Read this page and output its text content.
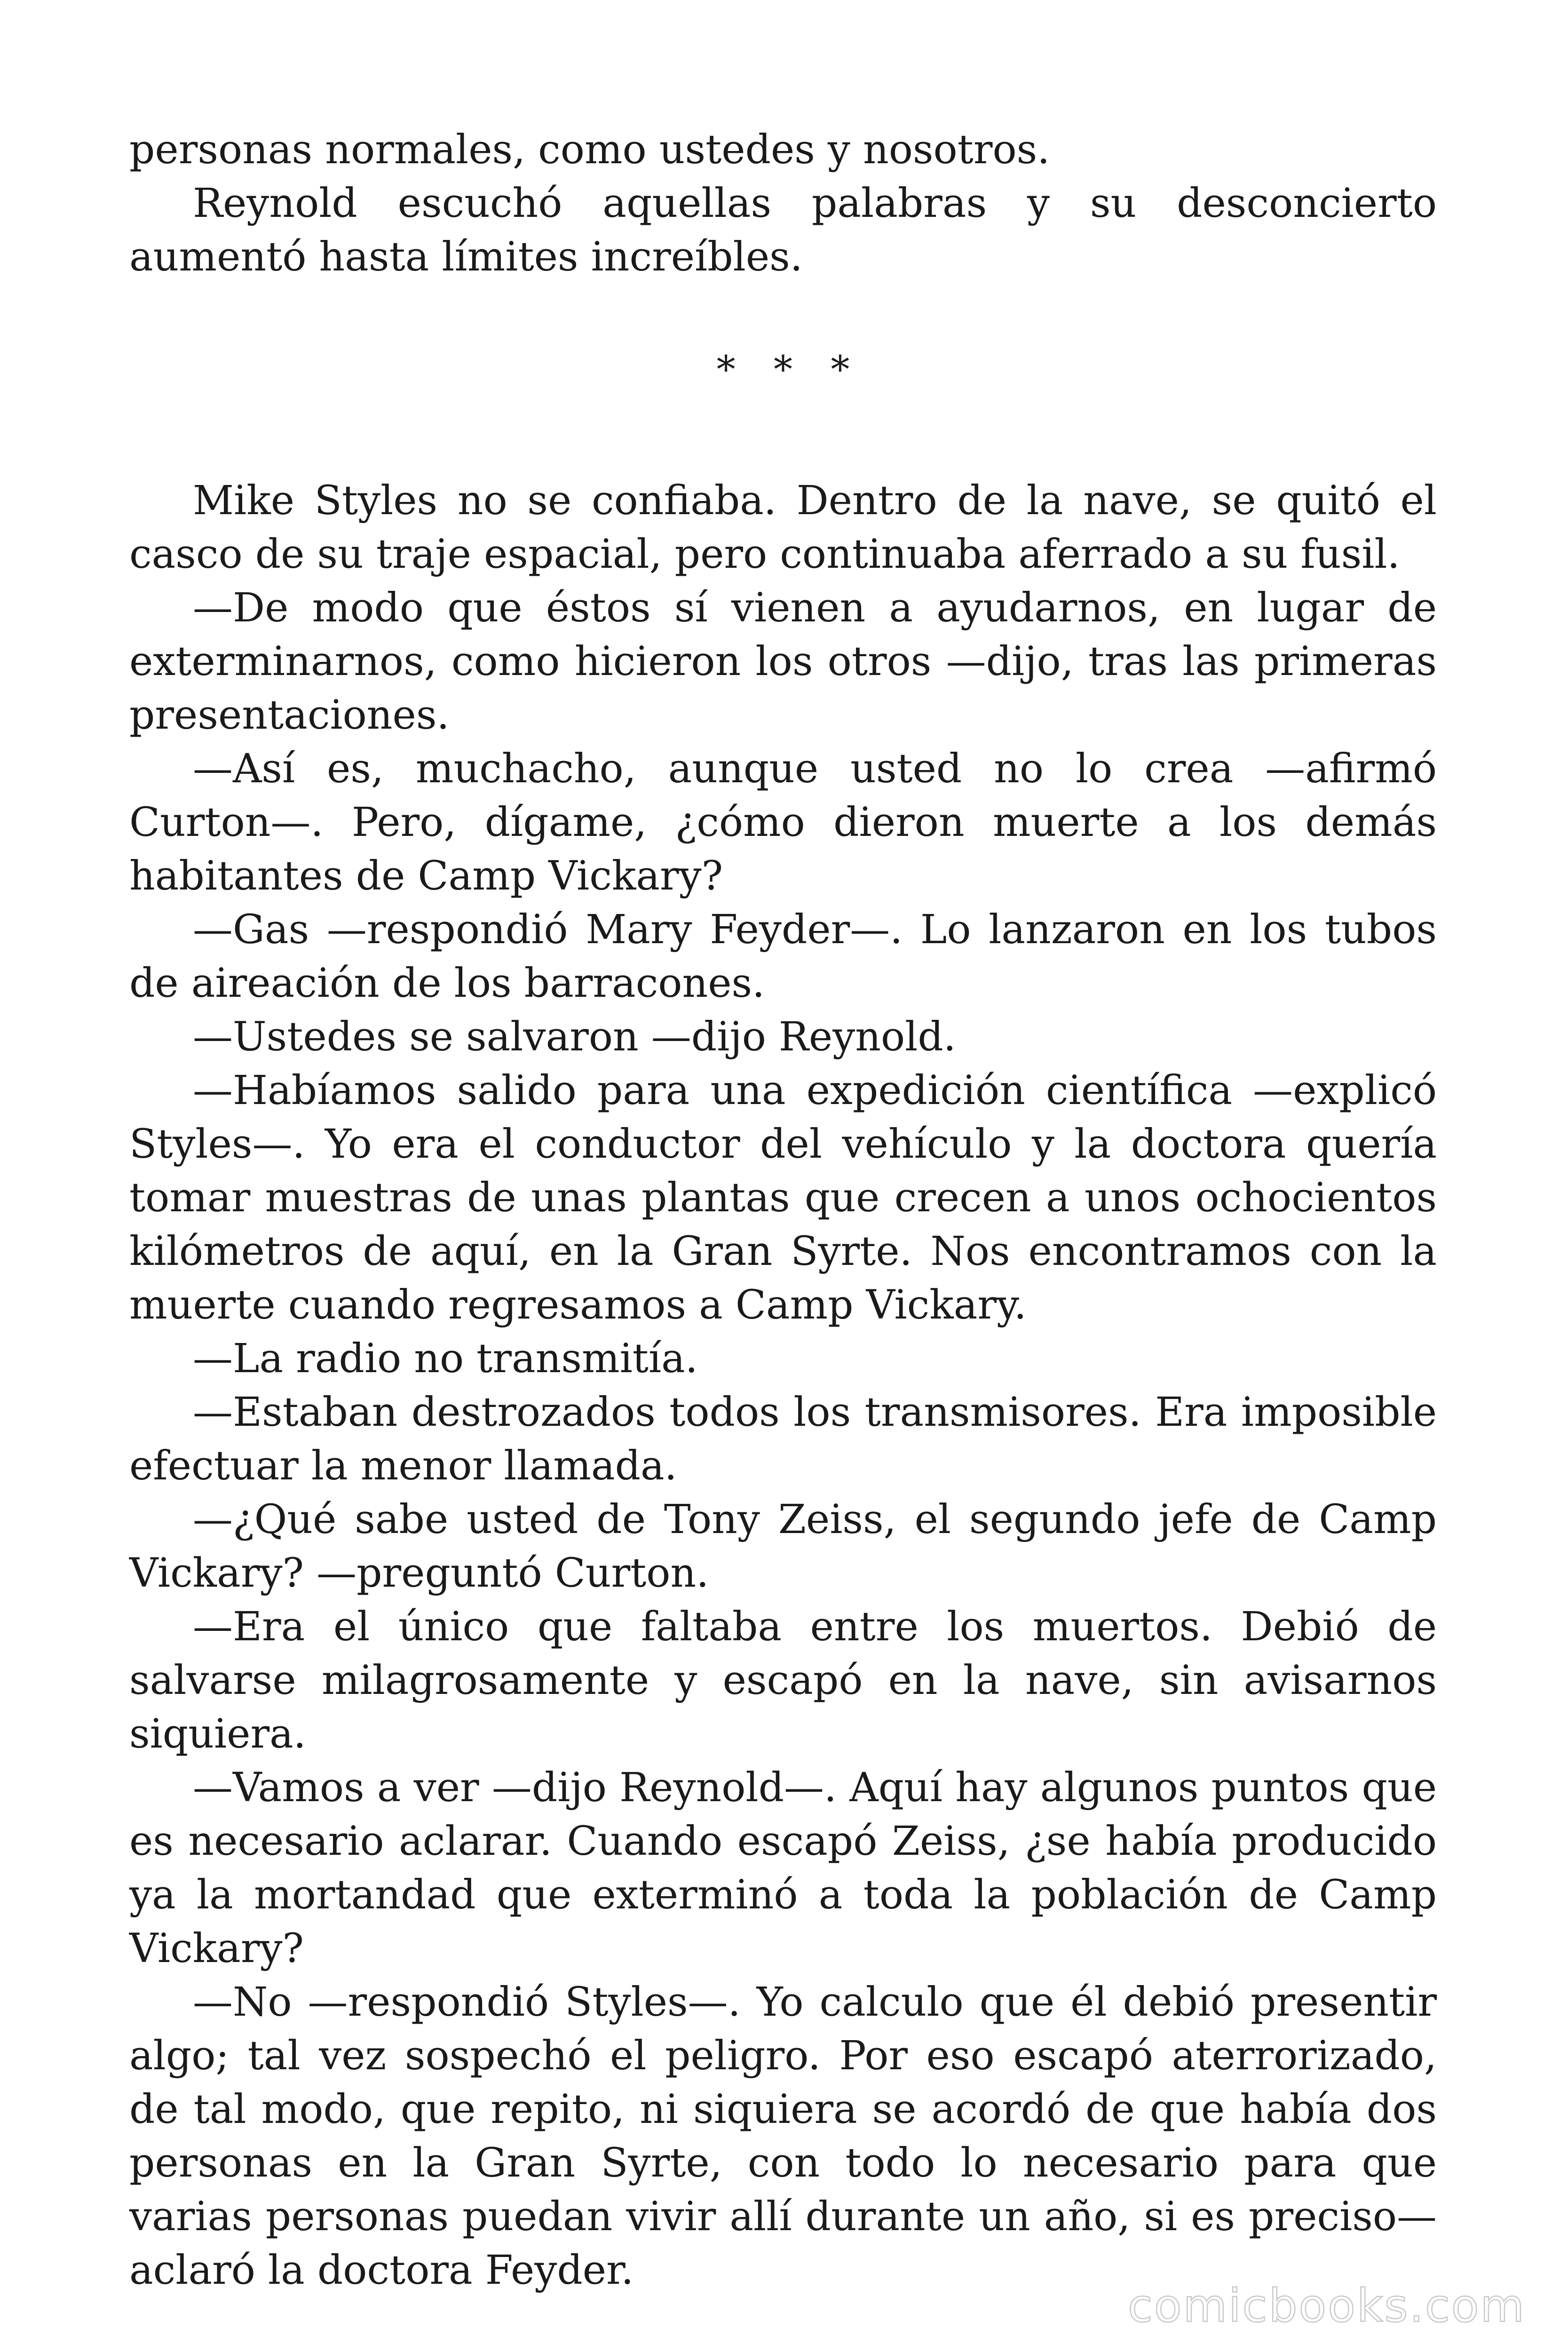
personas normales, como ustedes y nosotros.

Reynold escuchó aquellas palabras y su desconcierto aumentó hasta límites increíbles.

* * *

Mike Styles no se confiaba. Dentro de la nave, se quitó el casco de su traje espacial, pero continuaba aferrado a su fusil.

—De modo que éstos sí vienen a ayudarnos, en lugar de exterminarnos, como hicieron los otros —dijo, tras las primeras presentaciones.

—Así es, muchacho, aunque usted no lo crea —afirmó Curton—. Pero, dígame, ¿cómo dieron muerte a los demás habitantes de Camp Vickary?

—Gas —respondió Mary Feyder—. Lo lanzaron en los tubos de aireación de los barracones.

—Ustedes se salvaron —dijo Reynold.

—Habíamos salido para una expedición científica —explicó Styles—. Yo era el conductor del vehículo y la doctora quería tomar muestras de unas plantas que crecen a unos ochocientos kilómetros de aquí, en la Gran Syrte. Nos encontramos con la muerte cuando regresamos a Camp Vickary.

—La radio no transmitía.

—Estaban destrozados todos los transmisores. Era imposible efectuar la menor llamada.

—¿Qué sabe usted de Tony Zeiss, el segundo jefe de Camp Vickary? —preguntó Curton.

—Era el único que faltaba entre los muertos. Debió de salvarse milagrosamente y escapó en la nave, sin avisarnos siquiera.

—Vamos a ver —dijo Reynold—. Aquí hay algunos puntos que es necesario aclarar. Cuando escapó Zeiss, ¿se había producido ya la mortandad que exterminó a toda la población de Camp Vickary?

—No —respondió Styles—. Yo calculo que él debió presentir algo; tal vez sospechó el peligro. Por eso escapó aterrorizado, de tal modo, que repito, ni siquiera se acordó de que había dos personas en la Gran Syrte, con todo lo necesario para que varias personas puedan vivir allí durante un año, si es preciso— aclaró la doctora Feyder.

comicbooks.com
